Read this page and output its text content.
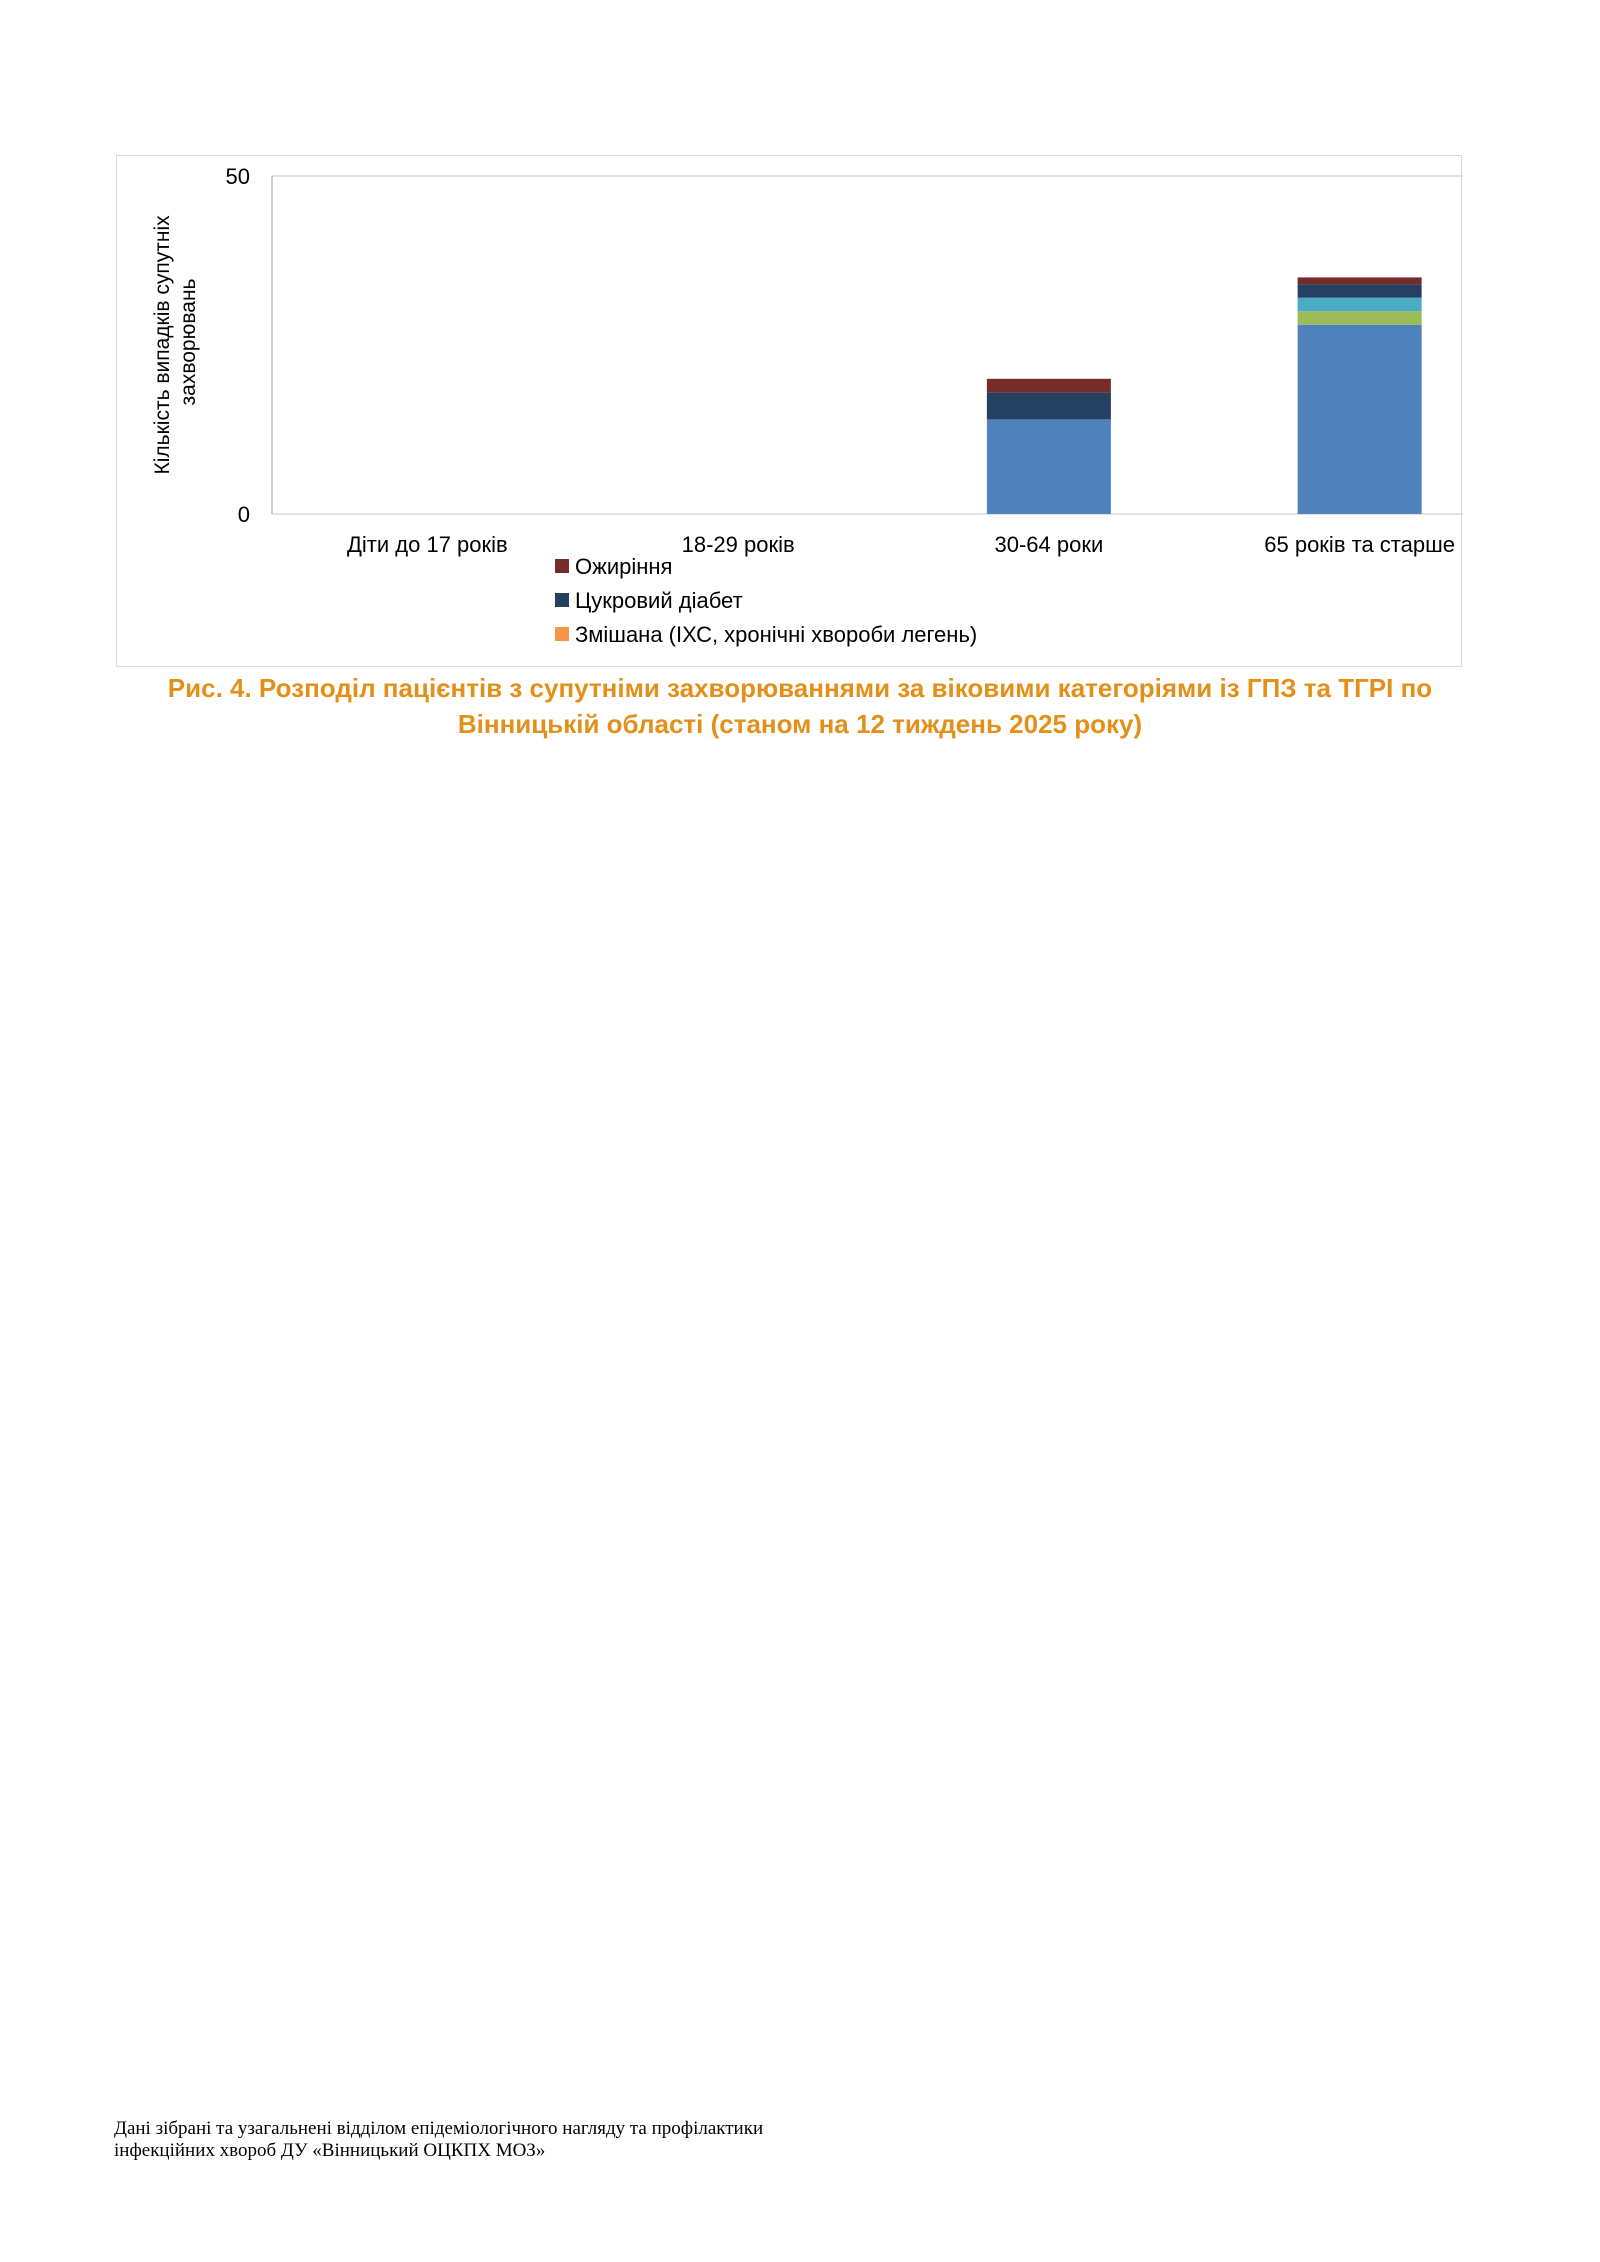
Кількість випадків супутніх захворювань
0
50
Діти до 17 років	18-29 років	30-64 роки	65 років та старше
Ожиріння
Цукровий діабет
Змішана (ІХС, хронічні хвороби легень)
Рис. 4. Розподіл пацієнтів з супутніми захворюваннями за віковими категоріями із ГПЗ та ТГРІ по
Вінницькій області (станом на 12 тиждень 2025 року)
Дані зібрані та узагальнені відділом епідеміологічного нагляду та профілактики
інфекційних хвороб ДУ «Вінницький ОЦКПХ МОЗ»
